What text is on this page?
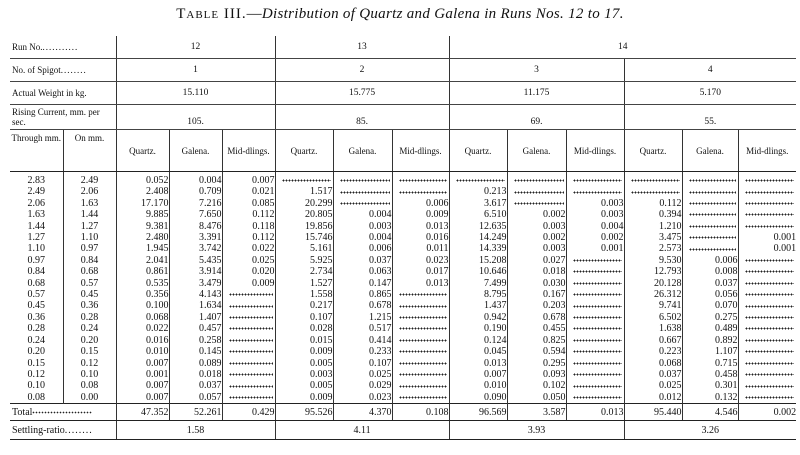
Table III.—Distribution of Quartz and Galena in Runs Nos. 12 to 17.
Run No............		12			13			14					
No. of Spigot........		1			2			3			4		
Actual Weight in kg.		15.110			15.775			11.175			5.170		
Rising Current, mm. per sec.		105.			85.			69.			55.		
Through mm.	On mm.	Quartz.	Galena.	Mid-dlings.	Quartz.	Galena.	Mid-dlings.	Quartz.	Galena.	Mid-dlings.	Quartz.	Galena.	Mid-dlings.
2.83	2.49	0.052	0.004	0.007	

2.49	2.06	2.408	0.709	0.021	1.517			0.213	

2.06	1.63	17.170	7.216	0.085	20.299		0.006	3.617		0.003	0.112	

1.63	1.44	9.885	7.650	0.112	20.805	0.004	0.009	6.510	0.002	0.003	0.394	

1.44	1.27	9.381	8.476	0.118	19.856	0.003	0.013	12.635	0.003	0.004	1.210	

1.27	1.10	2.480	3.391	0.112	15.746	0.004	0.016	14.249	0.002	0.002	3.475		0.001
1.10	0.97	1.945	3.742	0.022	5.161	0.006	0.011	14.339	0.003	0.001	2.573		0.001
0.97	0.84	2.041	5.435	0.025	5.925	0.037	0.023	15.208	0.027		9.530	0.006	

0.84	0.68	0.861	3.914	0.020	2.734	0.063	0.017	10.646	0.018		12.793	0.008	

0.68	0.57	0.535	3.479	0.009	1.527	0.147	0.013	7.499	0.030		20.128	0.037	

0.57	0.45	0.356	4.143		1.558	0.865		8.795	0.167		26.312	0.056	

0.45	0.36	0.100	1.634		0.217	0.678		1.437	0.203		9.741	0.070	

0.36	0.28	0.068	1.407		0.107	1.215		0.942	0.678		6.502	0.275	

0.28	0.24	0.022	0.457		0.028	0.517		0.190	0.455		1.638	0.489	

0.24	0.20	0.016	0.258		0.015	0.414		0.124	0.825		0.667	0.892	

0.20	0.15	0.010	0.145		0.009	0.233		0.045	0.594		0.223	1.107	

0.15	0.12	0.007	0.089		0.005	0.107		0.013	0.295		0.068	0.715	

0.12	0.10	0.001	0.018		0.003	0.025		0.007	0.093		0.037	0.458	

0.10	0.08	0.007	0.037		0.005	0.029		0.010	0.102		0.025	0.301	

0.08	0.00	0.007	0.057		0.009	0.023		0.090	0.050		0.012	0.132	

Total		47.352	52.261	0.429	95.526	4.370	0.108	96.569	3.587	0.013	95.440	4.546	0.002
Settling-ratio........		1.58			4.11			3.93			3.26		
